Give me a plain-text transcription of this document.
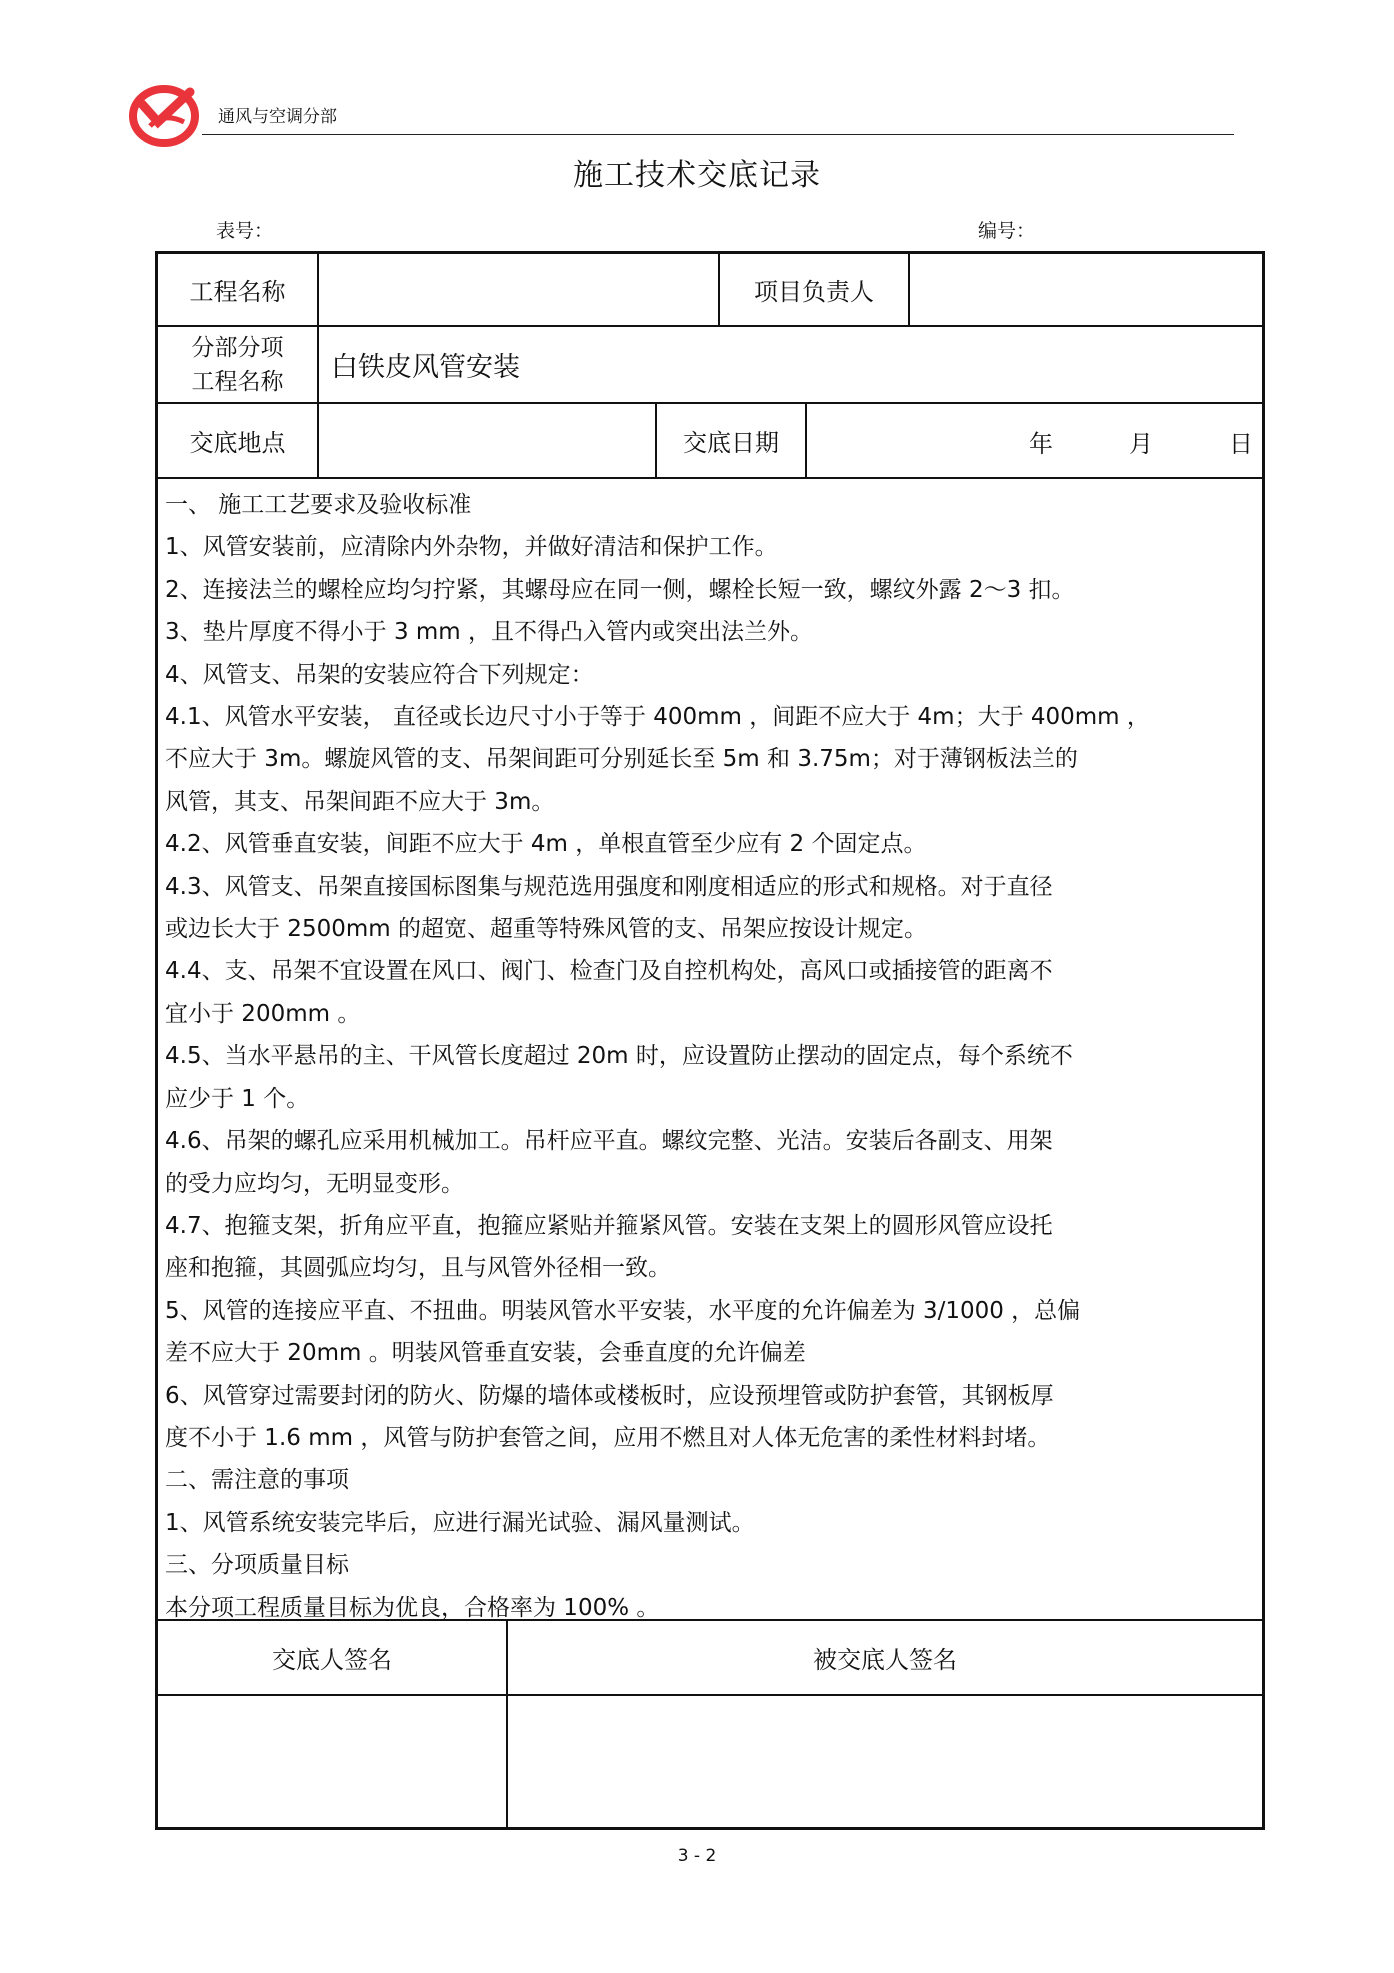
通风与空调分部
施工技术交底记录
表号：	编号：
工程名称	项目负责人
分部分项
工程名称 白铁皮风管安装
交底地点	交底日期	年	月	日

一、 施工工艺要求及验收标准

1、风管安装前，应清除内外杂物，并做好清洁和保护工作。

2、连接法兰的螺栓应均匀拧紧，其螺母应在同一侧，螺栓长短一致，螺纹外露 2～3 扣。

3、垫片厚度不得小于 3 mm ，且不得凸入管内或突出法兰外。

4、风管支、吊架的安装应符合下列规定：

4.1、风管水平安装， 直径或长边尺寸小于等于 400mm ，间距不应大于 4m；大于 400mm ，

不应大于 3m。螺旋风管的支、吊架间距可分别延长至 5m 和 3.75m；对于薄钢板法兰的

风管，其支、吊架间距不应大于 3m。

4.2、风管垂直安装，间距不应大于 4m ，单根直管至少应有 2 个固定点。

4.3、风管支、吊架直接国标图集与规范选用强度和刚度相适应的形式和规格。对于直径

或边长大于 2500mm 的超宽、超重等特殊风管的支、吊架应按设计规定。

4.4、支、吊架不宜设置在风口、阀门、检查门及自控机构处，高风口或插接管的距离不

宜小于 200mm 。

4.5、当水平悬吊的主、干风管长度超过 20m 时，应设置防止摆动的固定点，每个系统不

应少于 1 个。

4.6、吊架的螺孔应采用机械加工。吊杆应平直。螺纹完整、光洁。安装后各副支、用架

的受力应均匀，无明显变形。

4.7、抱箍支架，折角应平直，抱箍应紧贴并箍紧风管。安装在支架上的圆形风管应设托

座和抱箍，其圆弧应均匀，且与风管外径相一致。

5、风管的连接应平直、不扭曲。明装风管水平安装，水平度的允许偏差为 3/1000 ，总偏

差不应大于 20mm 。明装风管垂直安装，会垂直度的允许偏差

6、风管穿过需要封闭的防火、防爆的墙体或楼板时，应设预埋管或防护套管，其钢板厚

度不小于 1.6 mm ，风管与防护套管之间，应用不燃且对人体无危害的柔性材料封堵。

二、需注意的事项

1、风管系统安装完毕后，应进行漏光试验、漏风量测试。

三、分项质量目标

本分项工程质量目标为优良，合格率为 100% 。

交底人签名	被交底人签名
3 - 2
